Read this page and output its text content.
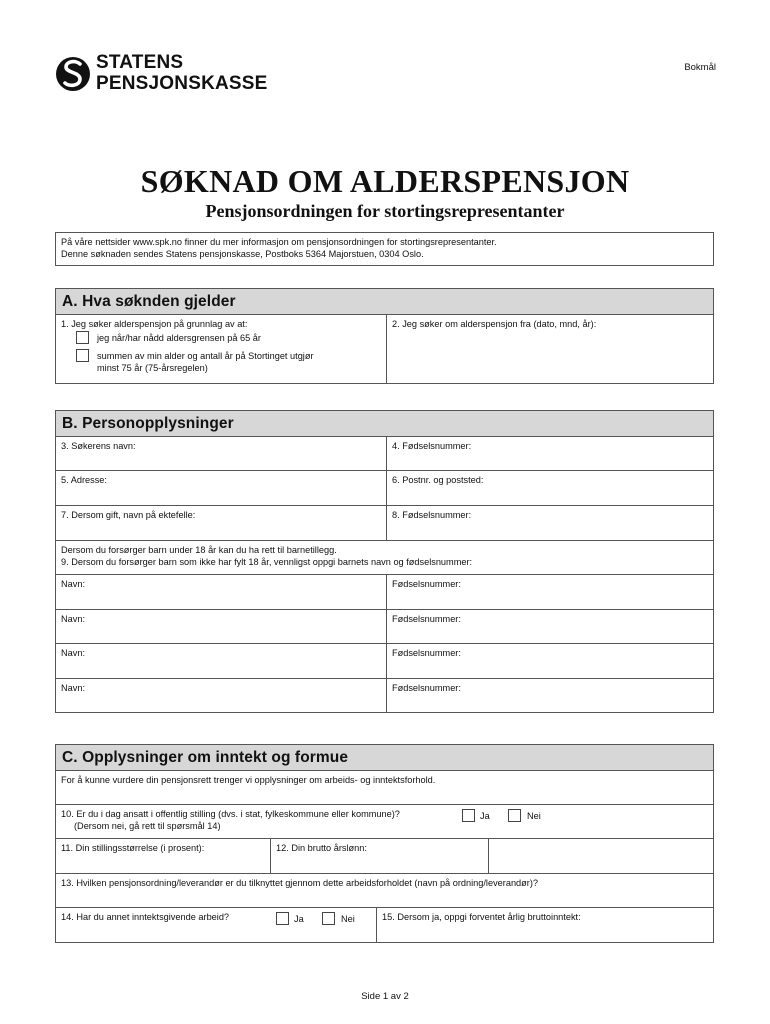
STATENS
PENSJONSKASSE
Bokmål
SØKNAD OM ALDERSPENSJON
Pensjonsordningen for stortingsrepresentanter
På våre nettsider www.spk.no finner du mer informasjon om pensjonsordningen for stortingsrepresentanter.
Denne søknaden sendes Statens pensjonskasse, Postboks 5364 Majorstuen, 0304 Oslo.
A. Hva søknden gjelder
1. Jeg søker alderspensjon på grunnlag av at:
jeg når/har nådd aldersgrensen på 65 år
summen av min alder og antall år på Stortinget utgjør
minst 75 år (75-årsregelen)
2. Jeg søker om alderspensjon fra (dato, mnd, år):
B. Personopplysninger
3. Søkerens navn:	4. Fødselsnummer:
5. Adresse:	6. Postnr. og poststed:
7. Dersom gift, navn på ektefelle:	8. Fødselsnummer:
Dersom du forsørger barn under 18 år kan du ha rett til barnetillegg.
9. Dersom du forsørger barn som ikke har fylt 18 år, vennligst oppgi barnets navn og fødselsnummer:
Navn:	Fødselsnummer:
Navn:	Fødselsnummer:
Navn:	Fødselsnummer:
Navn:	Fødselsnummer:
C. Opplysninger om inntekt og formue
For å kunne vurdere din pensjonsrett trenger vi opplysninger om arbeids- og inntektsforhold.
10. Er du i dag ansatt i offentlig stilling (dvs. i stat, fylkeskommune eller kommune)?
(Dersom nei, gå rett til spørsmål 14)
Ja	Nei
11. Din stillingsstørrelse (i prosent):	12. Din brutto årslønn:
13. Hvilken pensjonsordning/leverandør er du tilknyttet gjennom dette arbeidsforholdet (navn på ordning/leverandør)?
14. Har du annet inntektsgivende arbeid?	Ja	Nei	15. Dersom ja, oppgi forventet årlig bruttoinntekt:
Side 1 av 2
